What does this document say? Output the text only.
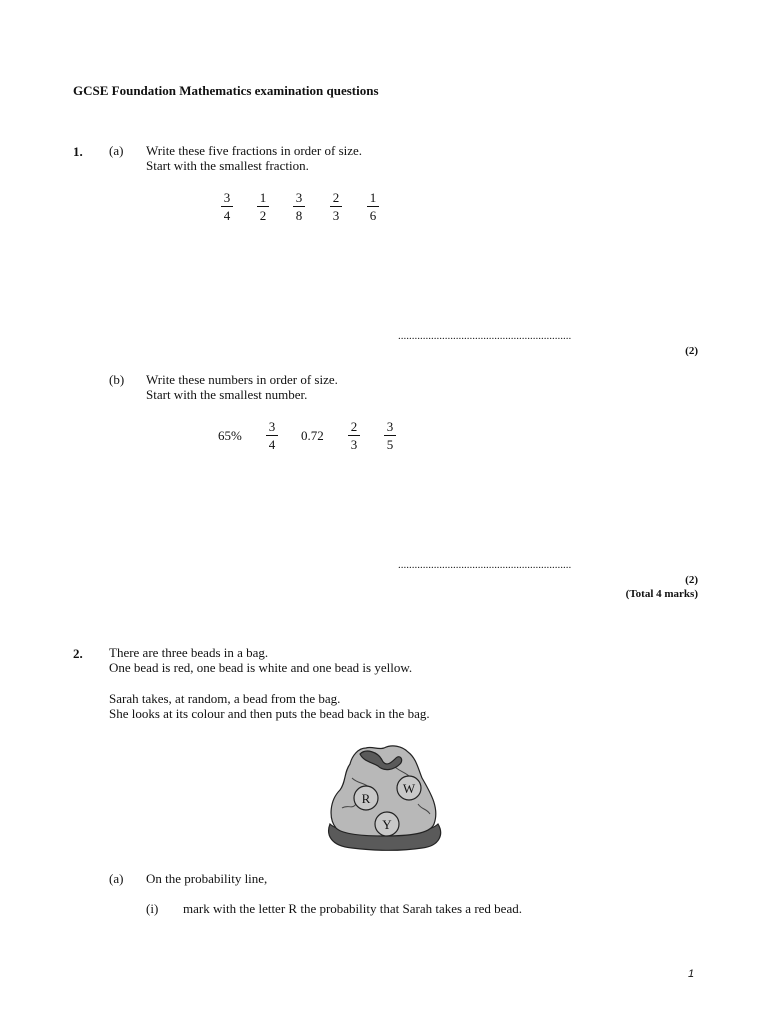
GCSE Foundation Mathematics examination questions
1. (a) Write these five fractions in order of size.
Start with the smallest fraction.
3
4
1
2
3
8
2
3
1
6
...............................................................
(2)
(b) Write these numbers in order of size.
Start with the smallest number.
65%
3
4
0.72
2
3
3
5
...............................................................
(2)
(Total 4 marks)
2. There are three beads in a bag.
One bead is red, one bead is white and one bead is yellow.
Sarah takes, at random, a bead from the bag.
She looks at its colour and then puts the bead back in the bag.
R
W
Y
(a) On the probability line,
(i) mark with the letter R the probability that Sarah takes a red bead.
1
